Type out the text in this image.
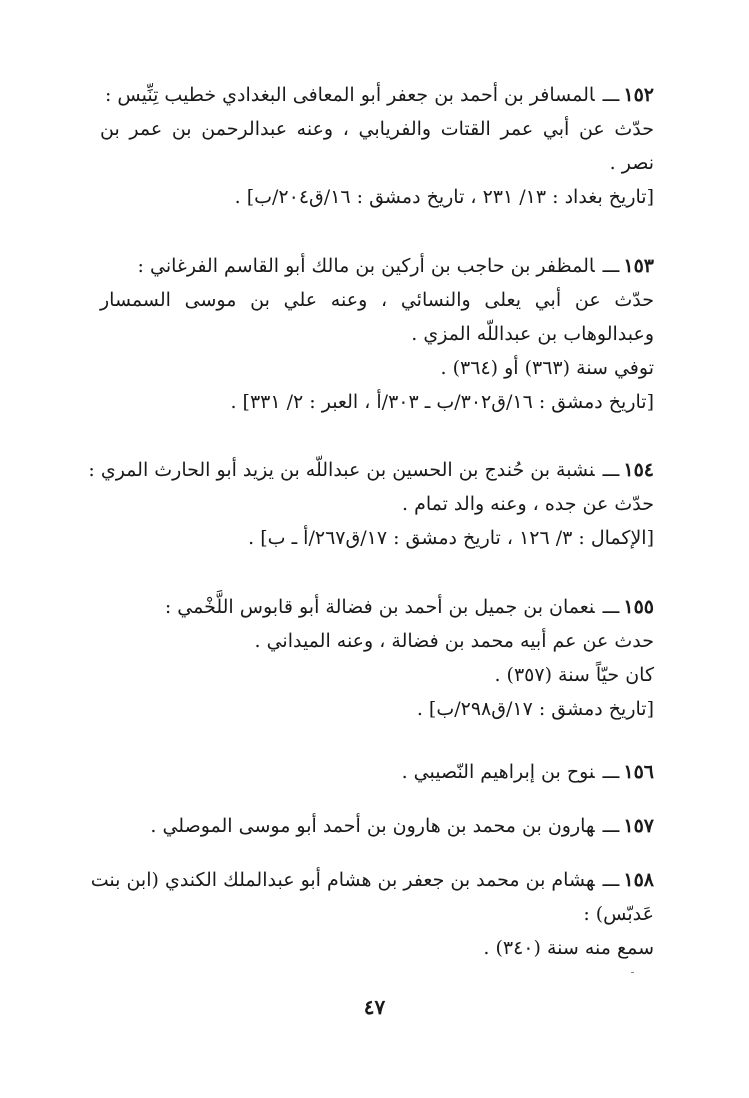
١٥٢ـــالمسافر بن أحمد بن جعفر أبو المعافى البغدادي خطيب تِنِّيس :
حدّث عن أبي عمر القتات والفريابي ، وعنه عبدالرحمن بن عمر بن
نصر .
[تاريخ بغداد : ١٣/ ٢٣١ ، تاريخ دمشق : ١٦/ق٢٠٤/ب] .
١٥٣ـــالمظفر بن حاجب بن أركين بن مالك أبو القاسم الفرغاني :
حدّث عن أبي يعلى والنسائي ، وعنه علي بن موسى السمسار
وعبدالوهاب بن عبداللّه المزي .
توفي سنة (٣٦٣) أو (٣٦٤) .
[تاريخ دمشق : ١٦/ق٣٠٢/ب ـ ٣٠٣/أ ، العبر : ٢/ ٣٣١] .
١٥٤ـــنشبة بن حُندج بن الحسين بن عبداللّه بن يزيد أبو الحارث المري :
حدّث عن جده ، وعنه والد تمام .
[الإكمال : ٣/ ١٢٦ ، تاريخ دمشق : ١٧/ق٢٦٧/أ ـ ب] .
١٥٥ـــنعمان بن جميل بن أحمد بن فضالة أبو قابوس اللَّخْمي :
حدث عن عم أبيه محمد بن فضالة ، وعنه الميداني .
كان حيّاً سنة (٣٥٧) .
[تاريخ دمشق : ١٧/ق٢٩٨/ب] .
١٥٦ـــنوح بن إبراهيم النّصيبي .
١٥٧ـــهارون بن محمد بن هارون بن أحمد أبو موسى الموصلي .
١٥٨ـــهشام بن محمد بن جعفر بن هشام أبو عبدالملك الكندي (ابن بنت
عَدبّس) :
سمع منه سنة (٣٤٠) .
٤٧
